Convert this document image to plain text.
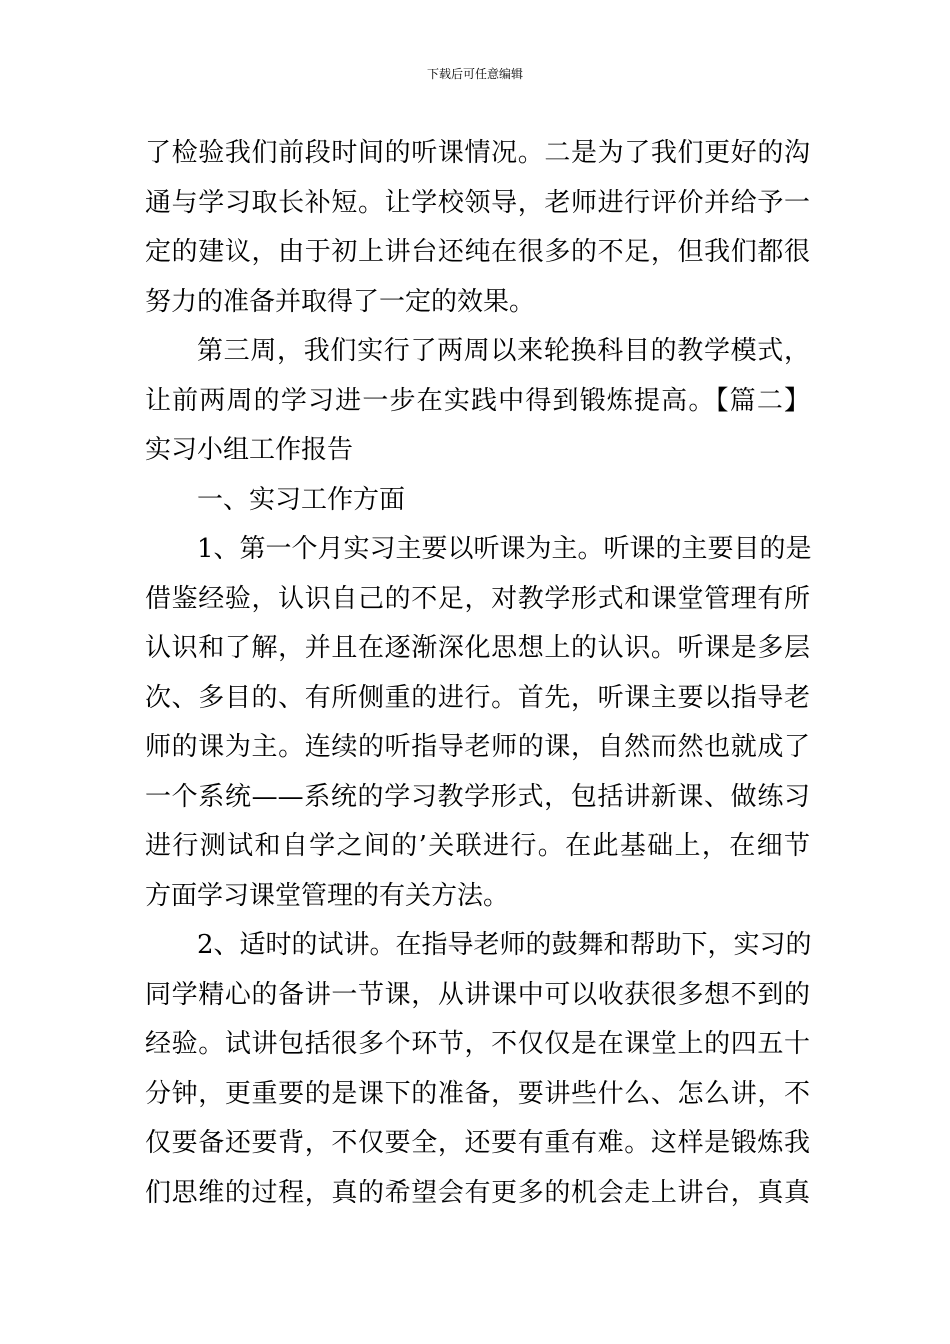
下载后可任意编辑
了检验我们前段时间的听课情况。二是为了我们更好的沟
通与学习取长补短。让学校领导，老师进行评价并给予一
定的建议，由于初上讲台还纯在很多的不足，但我们都很
努力的准备并取得了一定的效果。
第三周，我们实行了两周以来轮换科目的教学模式，
让前两周的学习进一步在实践中得到锻炼提高。【篇二】
实习小组工作报告
一、实习工作方面
1、第一个月实习主要以听课为主。听课的主要目的是
借鉴经验，认识自己的不足，对教学形式和课堂管理有所
认识和了解，并且在逐渐深化思想上的认识。听课是多层
次、多目的、有所侧重的进行。首先，听课主要以指导老
师的课为主。连续的听指导老师的课，自然而然也就成了
一个系统——系统的学习教学形式，包括讲新课、做练习
进行测试和自学之间的’关联进行。在此基础上，在细节
方面学习课堂管理的有关方法。
2、适时的试讲。在指导老师的鼓舞和帮助下，实习的
同学精心的备讲一节课，从讲课中可以收获很多想不到的
经验。试讲包括很多个环节，不仅仅是在课堂上的四五十
分钟，更重要的是课下的准备，要讲些什么、怎么讲，不
仅要备还要背，不仅要全，还要有重有难。这样是锻炼我
们思维的过程，真的希望会有更多的机会走上讲台，真真
